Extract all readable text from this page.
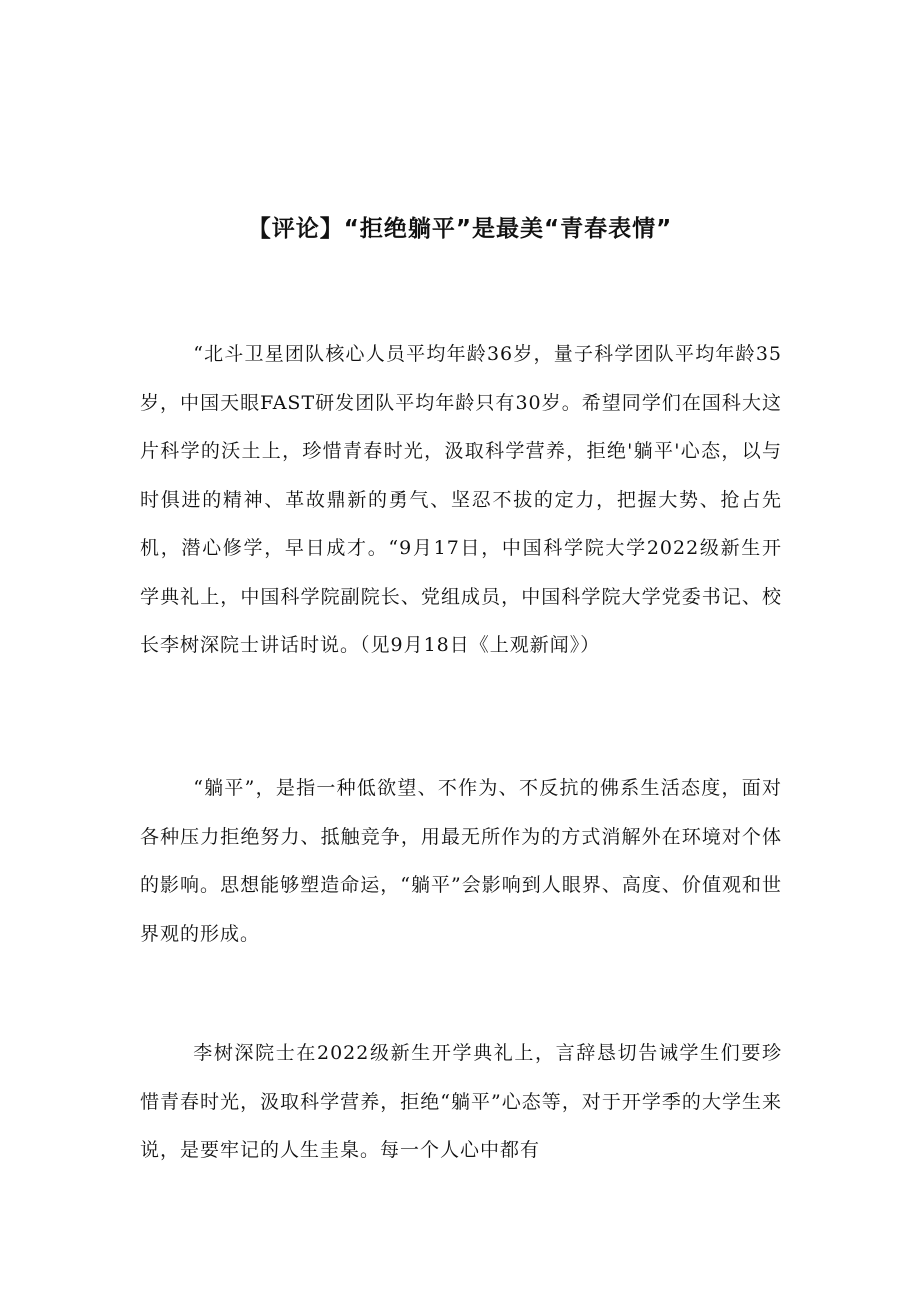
【评论】“拒绝躺平”是最美“青春表情”

“北斗卫星团队核心人员平均年龄36岁，量子科学团队平均年龄35岁，中国天眼FAST研发团队平均年龄只有30岁。希望同学们在国科大这片科学的沃土上，珍惜青春时光，汲取科学营养，拒绝'躺平'心态，以与时俱进的精神、革故鼎新的勇气、坚忍不拔的定力，把握大势、抢占先机，潜心修学，早日成才。“9月17日，中国科学院大学2022级新生开学典礼上，中国科学院副院长、党组成员，中国科学院大学党委书记、校长李树深院士讲话时说。（见9月18日《上观新闻》）

“躺平”，是指一种低欲望、不作为、不反抗的佛系生活态度，面对各种压力拒绝努力、抵触竞争，用最无所作为的方式消解外在环境对个体的影响。思想能够塑造命运，“躺平”会影响到人眼界、高度、价值观和世界观的形成。

李树深院士在2022级新生开学典礼上，言辞恳切告诫学生们要珍惜青春时光，汲取科学营养，拒绝“躺平”心态等，对于开学季的大学生来说，是要牢记的人生圭臬。每一个人心中都有
